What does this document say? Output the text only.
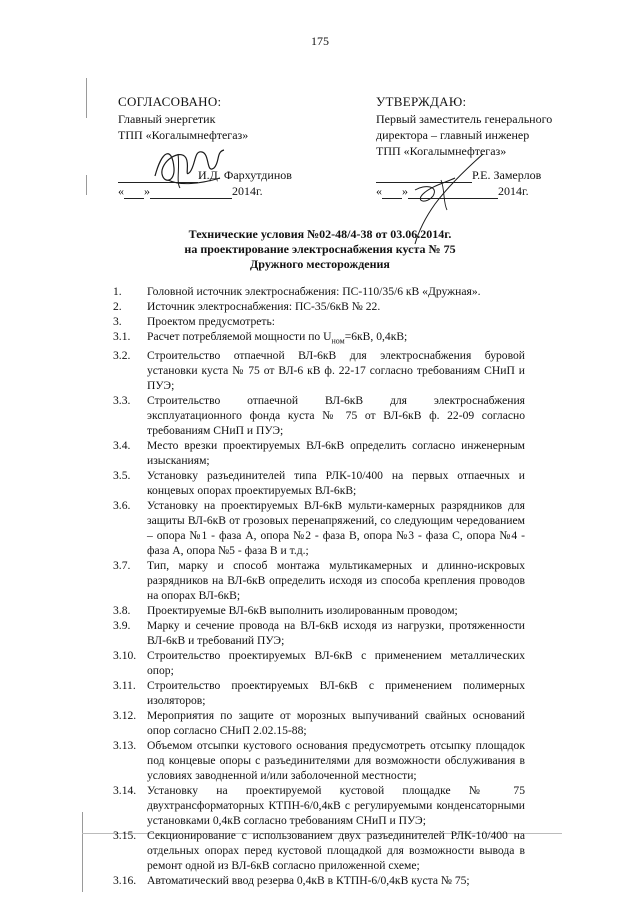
175
СОГЛАСОВАНО:
Главный энергетик
ТПП «Когалымнефтегаз»
И.Д. Фархутдинов
« »	2014г.
УТВЕРЖДАЮ:
Первый заместитель генерального
директора – главный инженер
ТПП «Когалымнефтегаз»
Р.Е. Замерлов
« »	2014г.
Технические условия №02-48/4-38 от 03.06.2014г.
на проектирование электроснабжения куста № 75
Дружного месторождения
1.	Головной источник электроснабжения: ПС-110/35/6 кВ «Дружная».
2.	Источник электроснабжения: ПС-35/6кВ № 22.
3.	Проектом предусмотреть:
3.1.	Расчет потребляемой мощности по $U_{ном}=6кВ$, 0,4кВ;
3.2.	Строительство отпаечной ВЛ-6кВ для электроснабжения буровой установки куста № 75 от ВЛ-6 кВ ф. 22-17 согласно требованиям СНиП и ПУЭ;
3.3.	Строительство отпаечной ВЛ-6кВ для электроснабжения эксплуатационного фонда куста № 75 от ВЛ-6кВ ф. 22-09 согласно требованиям СНиП и ПУЭ;
3.4.	Место врезки проектируемых ВЛ-6кВ определить согласно инженерным изысканиям;
3.5.	Установку разъединителей типа РЛК-10/400 на первых отпаечных и концевых опорах проектируемых ВЛ-6кВ;
3.6.	Установку на проектируемых ВЛ-6кВ мульти-камерных разрядников для защиты ВЛ-6кВ от грозовых перенапряжений, со следующим чередованием – опора №1 - фаза А, опора №2 - фаза В, опора №3 - фаза С, опора №4 - фаза А, опора №5 - фаза В и т.д.;
3.7.	Тип, марку и способ монтажа мультикамерных и длинно-искровых разрядников на ВЛ-6кВ определить исходя из способа крепления проводов на опорах ВЛ-6кВ;
3.8.	Проектируемые ВЛ-6кВ выполнить изолированным проводом;
3.9.	Марку и сечение провода на ВЛ-6кВ исходя из нагрузки, протяженности ВЛ-6кВ и требований ПУЭ;
3.10. Строительство проектируемых ВЛ-6кВ с применением металлических опор;
3.11. Строительство проектируемых ВЛ-6кВ с применением полимерных изоляторов;
3.12. Мероприятия по защите от морозных выпучиваний свайных оснований опор согласно СНиП 2.02.15-88;
3.13. Объемом отсыпки кустового основания предусмотреть отсыпку площадок под концевые опоры с разъединителями для возможности обслуживания в условиях заводненной и/или заболоченной местности;
3.14. Установку на проектируемой кустовой площадке № 75 двухтрансформаторных КТПН-6/0,4кВ с регулируемыми конденсаторными установками 0,4кВ согласно требованиям СНиП и ПУЭ;
3.15. Секционирование с использованием двух разъединителей РЛК-10/400 на отдельных опорах перед кустовой площадкой для возможности вывода в ремонт одной из ВЛ-6кВ согласно приложенной схеме;
3.16. Автоматический ввод резерва 0,4кВ в КТПН-6/0,4кВ куста № 75;
